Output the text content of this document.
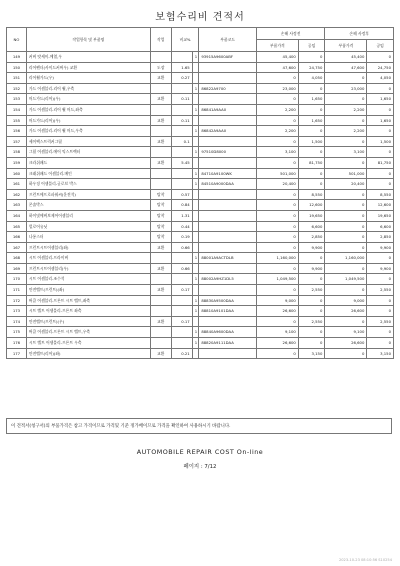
보험수리비 견적서
NO	작업항목 및 부품명	작업	비교%		부품코드	손해 사정전		손해 사정후	
						부품가격	공임	부품가격	공임
149	커버 앗세이-예열,우			1	93915A9600ABF	45,400	0	45,400	0
150	리어펜더(사이드커버우) 교환	도장	1.65			47,600	24,750	47,600	24,750
151	리어휠가드(우)	교환	0.27			0	4,050	0	4,050
152	가드 어셈블리-리어 휠,우측			1	86822A9700	23,000	0	23,000	0
153	머드가드(리어)(우)	교환	0.11			0	1,650	0	1,650
154	가드 어셈블리-리어 휠 머드,좌측			1	86841A9AA0	2,200	0	2,200	0
155	머드가드(리어)(우)	교환	0.11			0	1,650	0	1,650
156	가드 어셈블리-리어 휠 머드,우측			1	86842A9AA0	2,200	0	2,200	0
157	세이팩스트릭커그릴	교환	0.1			0	1,500	0	1,500
158	그릴 어셈블리-에어 익스트랙터			1	97510D8000	3,100	0	3,100	0
159	크라쉬패드	교환	5.45			0	81,750	0	81,750
160	크래쉬패드 어셈블리-메인			1	84710A9100WK	501,000	0	501,000	0
161	하우징 어셈블리-글로브 박스			1	84510A9000DAA	20,400	0	20,400	0
162	프런트에프로파워씨(운전석)	탈착	0.57			0	8,550	0	8,550
163	콘솔박스	탈착	0.84			0	12,600	0	12,600
164	하이및에버보제어어셈블리	탈착	1.31			0	19,650	0	19,650
165	멀로어유닛	탈착	0.44			0	6,600	0	6,600
166	나롱스터	탈착	0.19			0	2,850	0	2,850
167	프런트시트어셈블리(좌)	교환	0.66			0	9,900	0	9,900
168	시트 어셈블리-프라이버			1	88001A9ACTDLB	1,160,000	0	1,160,000	0
169	프런트시트어셈블리(우)	교환	0.66			0	9,900	0	9,900
170	시트 어셈블리-조수석			1	88002A9HZ1DL5	1,049,500	0	1,049,500	0
171	안전벨트(프런트)(좌)	교환	0.17			0	2,550	0	2,550
172	버클 어셈블리-프론트 시트 벨트,좌측			1	88830A9500DAA	9,000	0	9,000	0
173	시트 벨트 어셈블리-프론트 좌측			1	88810A9101DAA	26,600	0	26,600	0
174	안전벨트(프런트)(우)	교환	0.17			0	2,550	0	2,550
175	버클 어셈블리-프론트 시트 벨트,우측			1	88840A9600DAA	9,100	0	9,100	0
176	시트 벨트 어셈블리-프론트 우측			1	88820A9111DAA	26,600	0	26,600	0
177	안전벨트(리어)(좌)	교환	0.21			0	3,150	0	3,150
이 견적서(청구서)의 부품가격은 참고 가격이므로 가격및 기준 정가배이므로 가격을 확인하여 사용하시기 바랍니다.
AUTOMOBILE REPAIR COST On-line
페이지 : 7/12
2023-10-23 08:10:56 S10254
